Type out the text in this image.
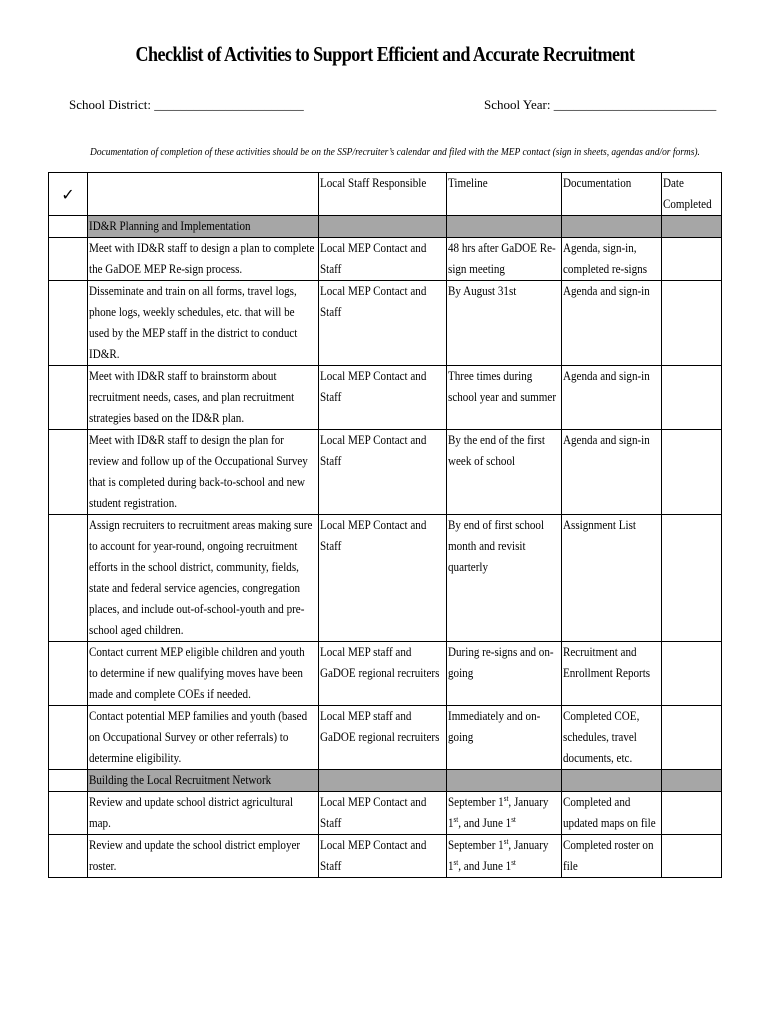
Checklist of Activities to Support Efficient and Accurate Recruitment
School District: _______________________	School Year: _________________________
Documentation of completion of these activities should be on the SSP/recruiter’s calendar and filed with the MEP contact (sign in sheets, agendas and/or forms).
✓		Local Staff Responsible	Timeline	Documentation	Date Completed

	ID&R Planning and Implementation				

	Meet with ID&R staff to design a plan to complete the GaDOE MEP Re-sign process.	Local MEP Contact and Staff	48 hrs after GaDOE Re-sign meeting	Agenda, sign-in, completed re-signs	

	Disseminate and train on all forms, travel logs, phone logs, weekly schedules, etc. that will be used by the MEP staff in the district to conduct ID&R.	Local MEP Contact and Staff	By August 31st	Agenda and sign-in	

	Meet with ID&R staff to brainstorm about recruitment needs, cases, and plan recruitment strategies based on the ID&R plan.	Local MEP Contact and Staff	Three times during school year and summer	Agenda and sign-in	

	Meet with ID&R staff to design the plan for review and follow up of the Occupational Survey that is completed during back-to-school and new student registration.	Local MEP Contact and Staff	By the end of the first week of school	Agenda and sign-in	

	Assign recruiters to recruitment areas making sure to account for year-round, ongoing recruitment efforts in the school district, community, fields, state and federal service agencies, congregation places, and include out-of-school-youth and pre-school aged children.	Local MEP Contact and Staff	By end of first school month and revisit quarterly	Assignment List	

	Contact current MEP eligible children and youth to determine if new qualifying moves have been made and complete COEs if needed.	Local MEP staff and GaDOE regional recruiters	During re-signs and on-going	Recruitment and Enrollment Reports	

	Contact potential MEP families and youth (based on Occupational Survey or other referrals) to determine eligibility.	Local MEP staff and GaDOE regional recruiters	Immediately and on-going	Completed COE, schedules, travel documents, etc.	

	Building the Local Recruitment Network				

	Review and update school district agricultural map.	Local MEP Contact and Staff	September 1st, January 1st, and June 1st	Completed and updated maps on file	

	Review and update the school district employer roster.	Local MEP Contact and Staff	September 1st, January 1st, and June 1st	Completed roster on file	
